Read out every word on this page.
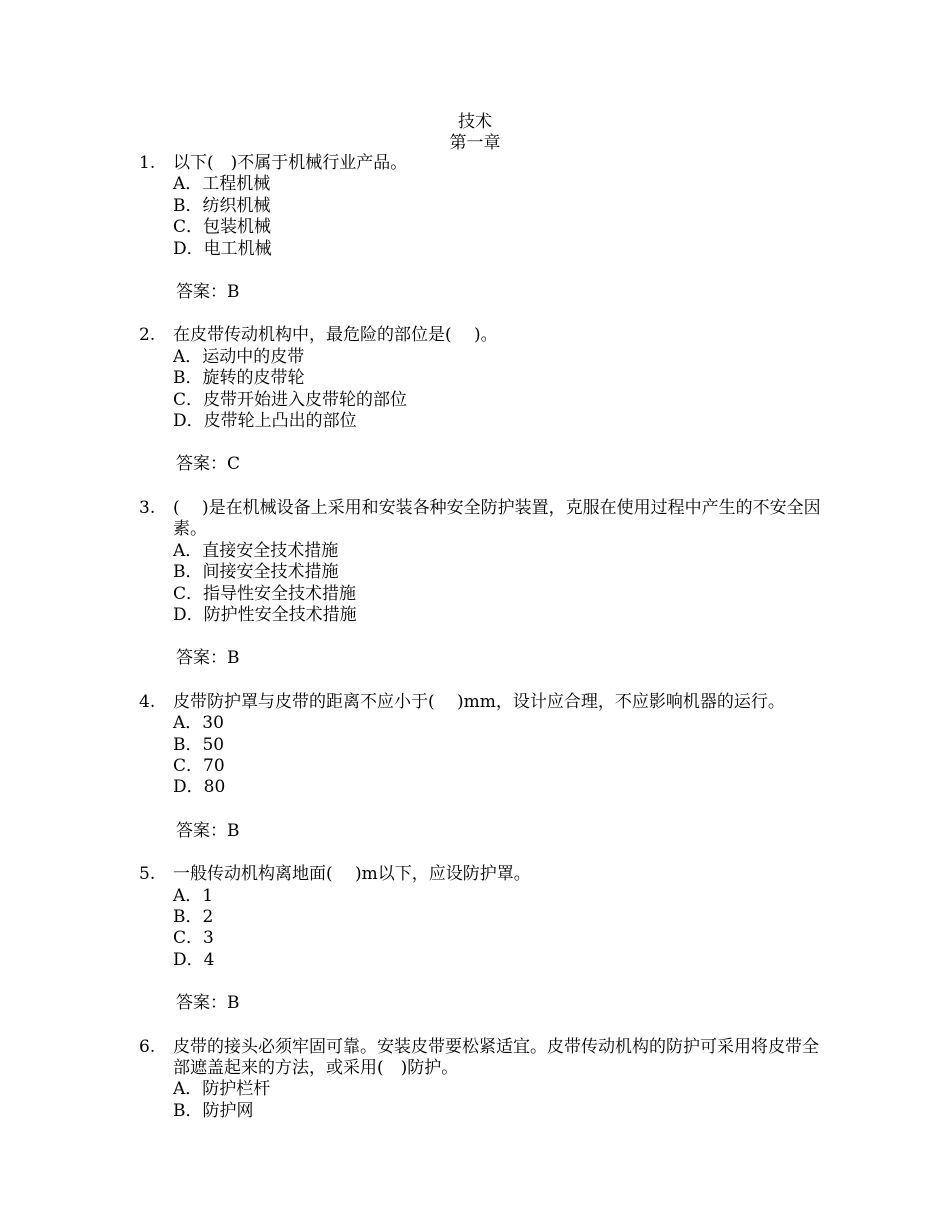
技术
第一章
1.	以下(　)不属于机械行业产品。
A．工程机械
B．纺织机械
C．包装机械
D．电工机械
答案：B
2.	在皮带传动机构中，最危险的部位是(　 )。
A．运动中的皮带
B．旋转的皮带轮
C．皮带开始进入皮带轮的部位
D．皮带轮上凸出的部位
答案：C
3.	(　 )是在机械设备上采用和安装各种安全防护装置，克服在使用过程中产生的不安全因素。
A．直接安全技术措施
B．间接安全技术措施
C．指导性安全技术措施
D．防护性安全技术措施
答案：B
4.	皮带防护罩与皮带的距离不应小于(　 )mm，设计应合理，不应影响机器的运行。
A．30
B．50
C．70
D．80
答案：B
5.	一般传动机构离地面(　 )m以下，应设防护罩。
A．1
B．2
C．3
D．4
答案：B
6.	皮带的接头必须牢固可靠。安装皮带要松紧适宜。皮带传动机构的防护可采用将皮带全部遮盖起来的方法，或采用(　)防护。
A．防护栏杆
B．防护网
